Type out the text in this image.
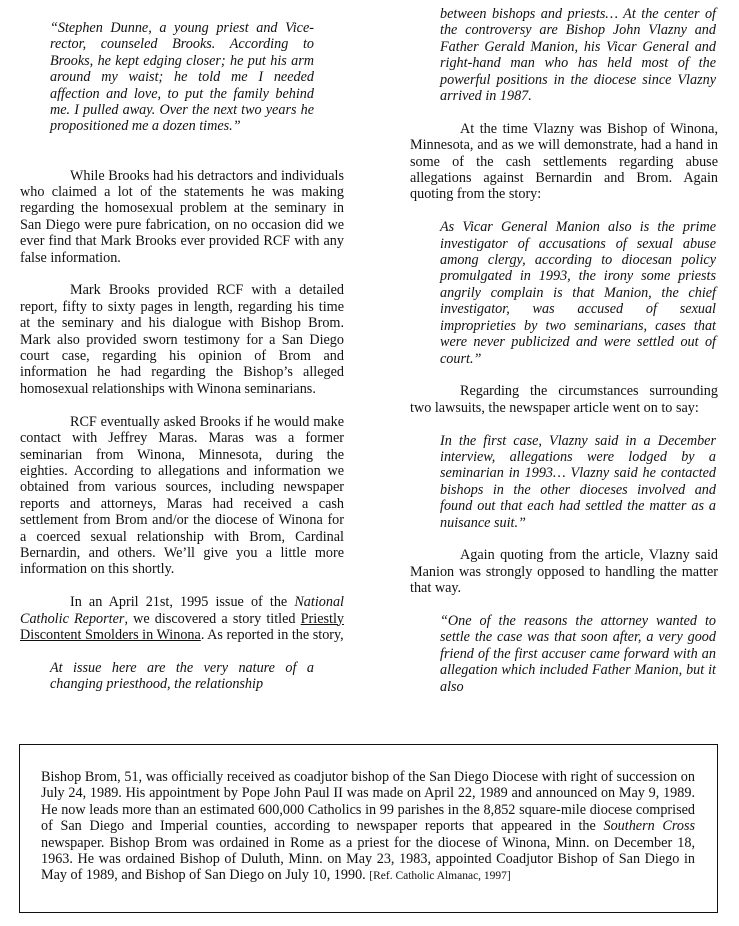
“Stephen Dunne, a young priest and Vice-rector, counseled Brooks. According to Brooks, he kept edging closer; he put his arm around my waist; he told me I needed affection and love, to put the family behind me. I pulled away. Over the next two years he propositioned me a dozen times.”

While Brooks had his detractors and individuals who claimed a lot of the statements he was making regarding the homosexual problem at the seminary in San Diego were pure fabrication, on no occasion did we ever find that Mark Brooks ever provided RCF with any false information.

Mark Brooks provided RCF with a detailed report, fifty to sixty pages in length, regarding his time at the seminary and his dialogue with Bishop Brom. Mark also provided sworn testimony for a San Diego court case, regarding his opinion of Brom and information he had regarding the Bishop’s alleged homosexual relationships with Winona seminarians.

RCF eventually asked Brooks if he would make contact with Jeffrey Maras. Maras was a former seminarian from Winona, Minnesota, during the eighties. According to allegations and information we obtained from various sources, including newspaper reports and attorneys, Maras had received a cash settlement from Brom and/or the diocese of Winona for a coerced sexual relationship with Brom, Cardinal Bernardin, and others. We’ll give you a little more information on this shortly.

In an April 21st, 1995 issue of the National Catholic Reporter, we discovered a story titled Priestly Discontent Smolders in Winona. As reported in the story,

At issue here are the very nature of a changing priesthood, the relationship

between bishops and priests… At the center of the controversy are Bishop John Vlazny and Father Gerald Manion, his Vicar General and right-hand man who has held most of the powerful positions in the diocese since Vlazny arrived in 1987.

At the time Vlazny was Bishop of Winona, Minnesota, and as we will demonstrate, had a hand in some of the cash settlements regarding abuse allegations against Bernardin and Brom. Again quoting from the story:

As Vicar General Manion also is the prime investigator of accusations of sexual abuse among clergy, according to diocesan policy promulgated in 1993, the irony some priests angrily complain is that Manion, the chief investigator, was accused of sexual improprieties by two seminarians, cases that were never publicized and were settled out of court.”

Regarding the circumstances surrounding two lawsuits, the newspaper article went on to say:

In the first case, Vlazny said in a December interview, allegations were lodged by a seminarian in 1993… Vlazny said he contacted bishops in the other dioceses involved and found out that each had settled the matter as a nuisance suit.”

Again quoting from the article, Vlazny said Manion was strongly opposed to handling the matter that way.

“One of the reasons the attorney wanted to settle the case was that soon after, a very good friend of the first accuser came forward with an allegation which included Father Manion, but it also

Bishop Brom, 51, was officially received as coadjutor bishop of the San Diego Diocese with right of succession on July 24, 1989. His appointment by Pope John Paul II was made on April 22, 1989 and announced on May 9, 1989. He now leads more than an estimated 600,000 Catholics in 99 parishes in the 8,852 square-mile diocese comprised of San Diego and Imperial counties, according to newspaper reports that appeared in the Southern Cross newspaper. Bishop Brom was ordained in Rome as a priest for the diocese of Winona, Minn. on December 18, 1963. He was ordained Bishop of Duluth, Minn. on May 23, 1983, appointed Coadjutor Bishop of San Diego in May of 1989, and Bishop of San Diego on July 10, 1990. [Ref. Catholic Almanac, 1997]
